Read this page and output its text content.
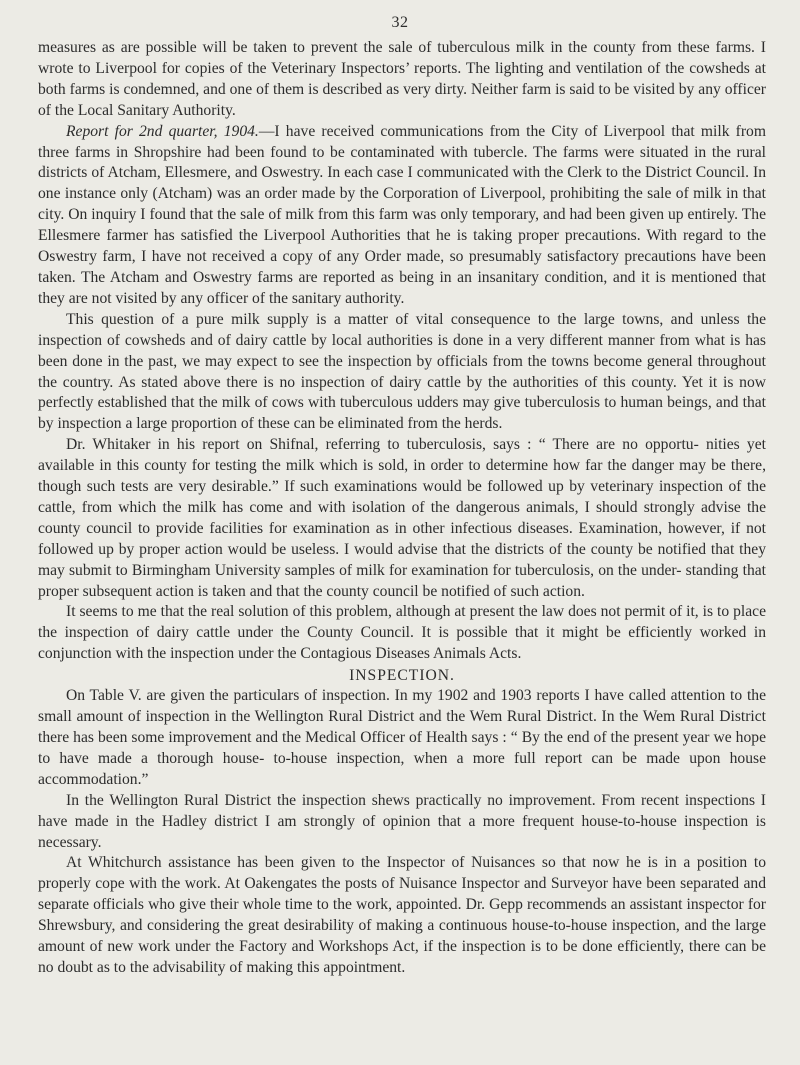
32

measures as are possible will be taken to prevent the sale of tuberculous milk in the county from these farms. I wrote to Liverpool for copies of the Veterinary Inspectors’ reports. The lighting and ventilation of the cowsheds at both farms is condemned, and one of them is described as very dirty. Neither farm is said to be visited by any officer of the Local Sanitary Authority.

Report for 2nd quarter, 1904.—I have received communications from the City of Liverpool that milk from three farms in Shropshire had been found to be contaminated with tubercle. The farms were situated in the rural districts of Atcham, Ellesmere, and Oswestry. In each case I communicated with the Clerk to the District Council. In one instance only (Atcham) was an order made by the Corporation of Liverpool, prohibiting the sale of milk in that city. On inquiry I found that the sale of milk from this farm was only temporary, and had been given up entirely. The Ellesmere farmer has satisfied the Liverpool Authorities that he is taking proper precautions. With regard to the Oswestry farm, I have not received a copy of any Order made, so presumably satisfactory precautions have been taken. The Atcham and Oswestry farms are reported as being in an insanitary condition, and it is mentioned that they are not visited by any officer of the sanitary authority.

This question of a pure milk supply is a matter of vital consequence to the large towns, and unless the inspection of cowsheds and of dairy cattle by local authorities is done in a very different manner from what is has been done in the past, we may expect to see the inspection by officials from the towns become general throughout the country. As stated above there is no inspection of dairy cattle by the authorities of this county. Yet it is now perfectly established that the milk of cows with tuberculous udders may give tuberculosis to human beings, and that by inspection a large proportion of these can be eliminated from the herds.

Dr. Whitaker in his report on Shifnal, referring to tuberculosis, says : “ There are no opportu- nities yet available in this county for testing the milk which is sold, in order to determine how far the danger may be there, though such tests are very desirable.” If such examinations would be followed up by veterinary inspection of the cattle, from which the milk has come and with isolation of the dangerous animals, I should strongly advise the county council to provide facilities for examination as in other infectious diseases. Examination, however, if not followed up by proper action would be useless. I would advise that the districts of the county be notified that they may submit to Birmingham University samples of milk for examination for tuberculosis, on the under- standing that proper subsequent action is taken and that the county council be notified of such action.

It seems to me that the real solution of this problem, although at present the law does not permit of it, is to place the inspection of dairy cattle under the County Council. It is possible that it might be efficiently worked in conjunction with the inspection under the Contagious Diseases Animals Acts.

INSPECTION.

On Table V. are given the particulars of inspection. In my 1902 and 1903 reports I have called attention to the small amount of inspection in the Wellington Rural District and the Wem Rural District. In the Wem Rural District there has been some improvement and the Medical Officer of Health says : “ By the end of the present year we hope to have made a thorough house- to-house inspection, when a more full report can be made upon house accommodation.”

In the Wellington Rural District the inspection shews practically no improvement. From recent inspections I have made in the Hadley district I am strongly of opinion that a more frequent house-to-house inspection is necessary.

At Whitchurch assistance has been given to the Inspector of Nuisances so that now he is in a position to properly cope with the work. At Oakengates the posts of Nuisance Inspector and Surveyor have been separated and separate officials who give their whole time to the work, appointed. Dr. Gepp recommends an assistant inspector for Shrewsbury, and considering the great desirability of making a continuous house-to-house inspection, and the large amount of new work under the Factory and Workshops Act, if the inspection is to be done efficiently, there can be no doubt as to the advisability of making this appointment.
